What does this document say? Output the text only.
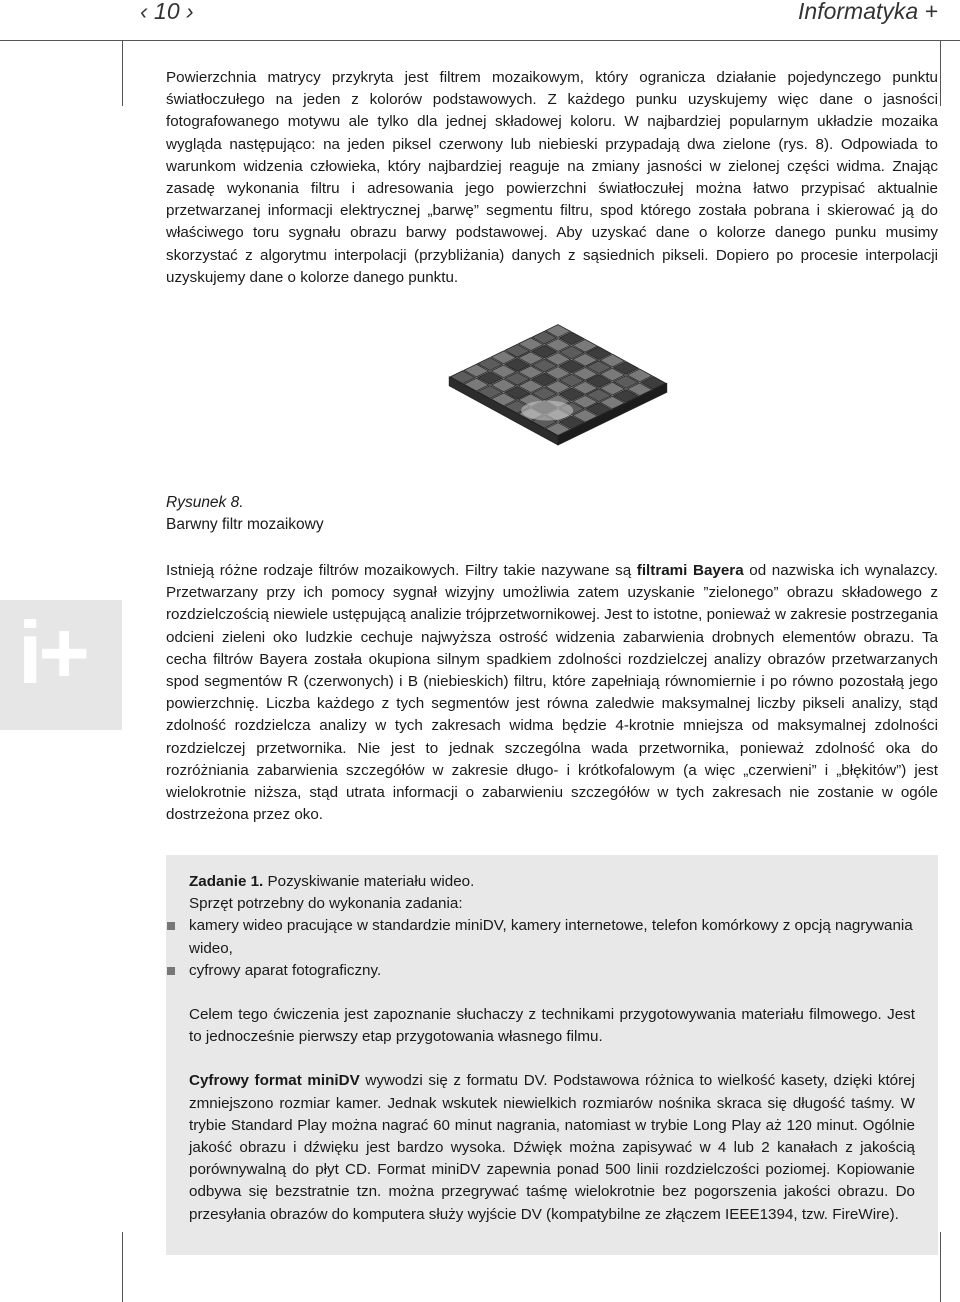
‹ 10 ›	Informatyka +

Powierzchnia matrycy przykryta jest filtrem mozaikowym, który ogranicza działanie pojedynczego punktu światłoczułego na jeden z kolorów podstawowych. Z każdego punku uzyskujemy więc dane o jasności fotografowanego motywu ale tylko dla jednej składowej koloru. W najbardziej popularnym układzie mozaika wygląda następująco: na jeden piksel czerwony lub niebieski przypadają dwa zielone (rys. 8). Odpowiada to warunkom widzenia człowieka, który najbardziej reaguje na zmiany jasności w zielonej części widma. Znając zasadę wykonania filtru i adresowania jego powierzchni światłoczułej można łatwo przypisać aktualnie przetwarzanej informacji elektrycznej „barwę” segmentu filtru, spod którego została pobrana i skierować ją do właściwego toru sygnału obrazu barwy podstawowej. Aby uzyskać dane o kolorze danego punku musimy skorzystać z algorytmu interpolacji (przybliżania) danych z sąsiednich pikseli. Dopiero po procesie interpolacji uzyskujemy dane o kolorze danego punktu.

Rysunek 8.
Barwny filtr mozaikowy

Istnieją różne rodzaje filtrów mozaikowych. Filtry takie nazywane są filtrami Bayera od nazwiska ich wynalazcy. Przetwarzany przy ich pomocy sygnał wizyjny umożliwia zatem uzyskanie ”zielonego” obrazu składowego z rozdzielczością niewiele ustępującą analizie trójprzetwornikowej. Jest to istotne, ponieważ w zakresie postrzegania odcieni zieleni oko ludzkie cechuje najwyższa ostrość widzenia zabarwienia drobnych elementów obrazu. Ta cecha filtrów Bayera została okupiona silnym spadkiem zdolności rozdzielczej analizy obrazów przetwarzanych spod segmentów R (czerwonych) i B (niebieskich) filtru, które zapełniają równomiernie i po równo pozostałą jego powierzchnię. Liczba każdego z tych segmentów jest równa zaledwie maksymalnej liczby pikseli analizy, stąd zdolność rozdzielcza analizy w tych zakresach widma będzie 4-krotnie mniejsza od maksymalnej zdolności rozdzielczej przetwornika. Nie jest to jednak szczególna wada przetwornika, ponieważ zdolność oka do rozróżniania zabarwienia szczegółów w zakresie długo- i krótkofalowym (a więc „czerwieni” i „błękitów”) jest wielokrotnie niższa, stąd utrata informacji o zabarwieniu szczegółów w tych zakresach nie zostanie w ogóle dostrzeżona przez oko.

i+

Zadanie 1. Pozyskiwanie materiału wideo.

Sprzęt potrzebny do wykonania zadania:

kamery wideo pracujące w standardzie miniDV, kamery internetowe, telefon komórkowy z opcją nagrywania wideo,
cyfrowy aparat fotograficzny.

Celem tego ćwiczenia jest zapoznanie słuchaczy z technikami przygotowywania materiału filmowego. Jest to jednocześnie pierwszy etap przygotowania własnego filmu.

Cyfrowy format miniDV wywodzi się z formatu DV. Podstawowa różnica to wielkość kasety, dzięki której zmniejszono rozmiar kamer. Jednak wskutek niewielkich rozmiarów nośnika skraca się długość taśmy. W trybie Standard Play można nagrać 60 minut nagrania, natomiast w trybie Long Play aż 120 minut. Ogólnie jakość obrazu i dźwięku jest bardzo wysoka. Dźwięk można zapisywać w 4 lub 2 kanałach z jakością porównywalną do płyt CD. Format miniDV zapewnia ponad 500 linii rozdzielczości poziomej. Kopiowanie odbywa się bezstratnie tzn. można przegrywać taśmę wielokrotnie bez pogorszenia jakości obrazu. Do przesyłania obrazów do komputera służy wyjście DV (kompatybilne ze złączem IEEE1394, tzw. FireWire).
